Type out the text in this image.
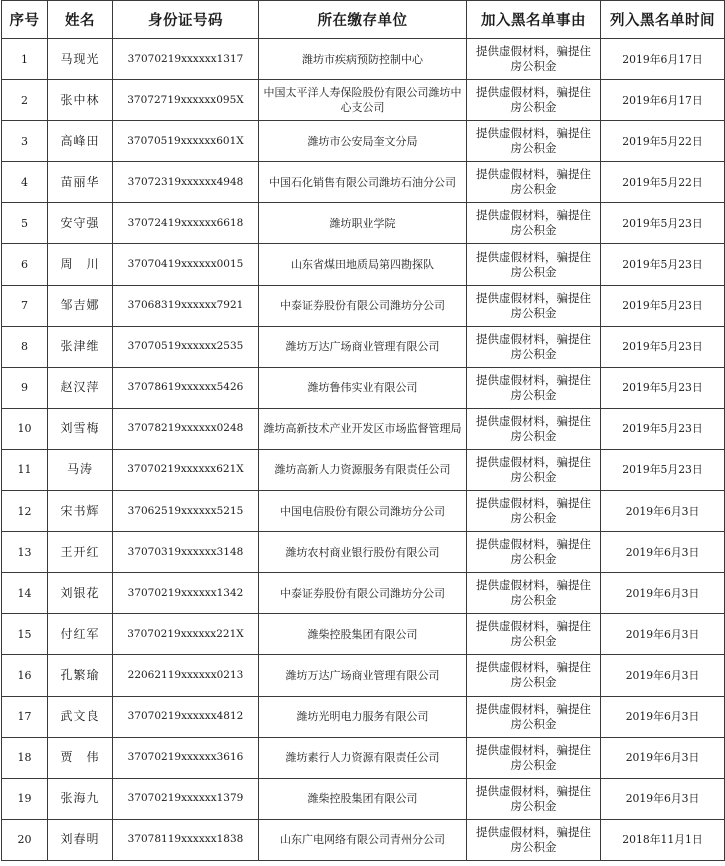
序号	姓名	身份证号码	所在缴存单位	加入黑名单事由	列入黑名单时间
1	马现光	37070219xxxxxx1317	潍坊市疾病预防控制中心	提供虚假材料，骗提住房公积金	2019年6月17日
2	张中林	37072719xxxxxx095X	中国太平洋人寿保险股份有限公司潍坊中心支公司	提供虚假材料，骗提住房公积金	2019年6月17日
3	高峰田	37070519xxxxxx601X	潍坊市公安局奎文分局	提供虚假材料，骗提住房公积金	2019年5月22日
4	苗丽华	37072319xxxxxx4948	中国石化销售有限公司潍坊石油分公司	提供虚假材料，骗提住房公积金	2019年5月22日
5	安守强	37072419xxxxxx6618	潍坊职业学院	提供虚假材料，骗提住房公积金	2019年5月23日
6	周　川	37070419xxxxxx0015	山东省煤田地质局第四勘探队	提供虚假材料，骗提住房公积金	2019年5月23日
7	邹吉娜	37068319xxxxxx7921	中泰证券股份有限公司潍坊分公司	提供虚假材料，骗提住房公积金	2019年5月23日
8	张津维	37070519xxxxxx2535	潍坊万达广场商业管理有限公司	提供虚假材料，骗提住房公积金	2019年5月23日
9	赵汉萍	37078619xxxxxx5426	潍坊鲁伟实业有限公司	提供虚假材料，骗提住房公积金	2019年5月23日
10	刘雪梅	37078219xxxxxx0248	潍坊高新技术产业开发区市场监督管理局	提供虚假材料，骗提住房公积金	2019年5月23日
11	马涛	37070219xxxxxx621X	潍坊高新人力资源服务有限责任公司	提供虚假材料，骗提住房公积金	2019年5月23日
12	宋书辉	37062519xxxxxx5215	中国电信股份有限公司潍坊分公司	提供虚假材料，骗提住房公积金	2019年6月3日
13	王开红	37070319xxxxxx3148	潍坊农村商业银行股份有限公司	提供虚假材料，骗提住房公积金	2019年6月3日
14	刘银花	37070219xxxxxx1342	中泰证券股份有限公司潍坊分公司	提供虚假材料，骗提住房公积金	2019年6月3日
15	付红军	37070219xxxxxx221X	潍柴控股集团有限公司	提供虚假材料，骗提住房公积金	2019年6月3日
16	孔繁瑜	22062119xxxxxx0213	潍坊万达广场商业管理有限公司	提供虚假材料，骗提住房公积金	2019年6月3日
17	武文良	37070219xxxxxx4812	潍坊光明电力服务有限公司	提供虚假材料，骗提住房公积金	2019年6月3日
18	贾　伟	37070219xxxxxx3616	潍坊素行人力资源有限责任公司	提供虚假材料，骗提住房公积金	2019年6月3日
19	张海九	37070219xxxxxx1379	潍柴控股集团有限公司	提供虚假材料，骗提住房公积金	2019年6月3日
20	刘春明	37078119xxxxxx1838	山东广电网络有限公司青州分公司	提供虚假材料，骗提住房公积金	2018年11月1日
